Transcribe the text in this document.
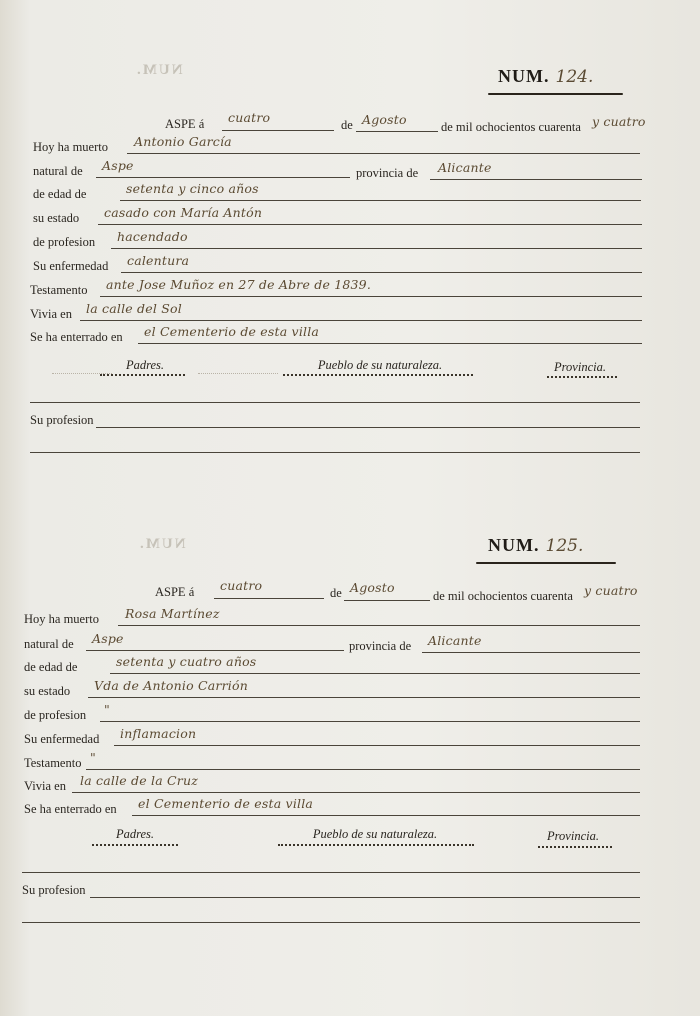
NUM.	NUM. 124.
ASPE á cuatro	de Agosto	de mil ochocientos cuarenta y cuatro
Hoy ha muerto Antonio García
natural de Aspe	provincia de Alicante
de edad de	setenta y cinco años
su estado casado con María Antón
de profesion hacendado
Su enfermedad calentura
Testamento ante Jose Muñoz en 27 de Abre de 1839.
Vivia en la calle del Sol
Se ha enterrado en el Cementerio de esta villa
Padres.	Pueblo de su naturaleza.	Provincia.
Su profesion
NUM.	NUM. 125.
ASPE á cuatro	de Agosto
de mil ochocientos cuarenta y cuatro
Hoy ha muerto Rosa Martínez
natural de Aspe	provincia de Alicante
de edad de	setenta y cuatro años
su estado Vda de Antonio Carrión
de profesion "
Su enfermedad inflamacion
Testamento "
Vivia en la calle de la Cruz
Se ha enterrado en el Cementerio de esta villa
Padres.	Pueblo de su naturaleza.	Provincia.
Su profesion
